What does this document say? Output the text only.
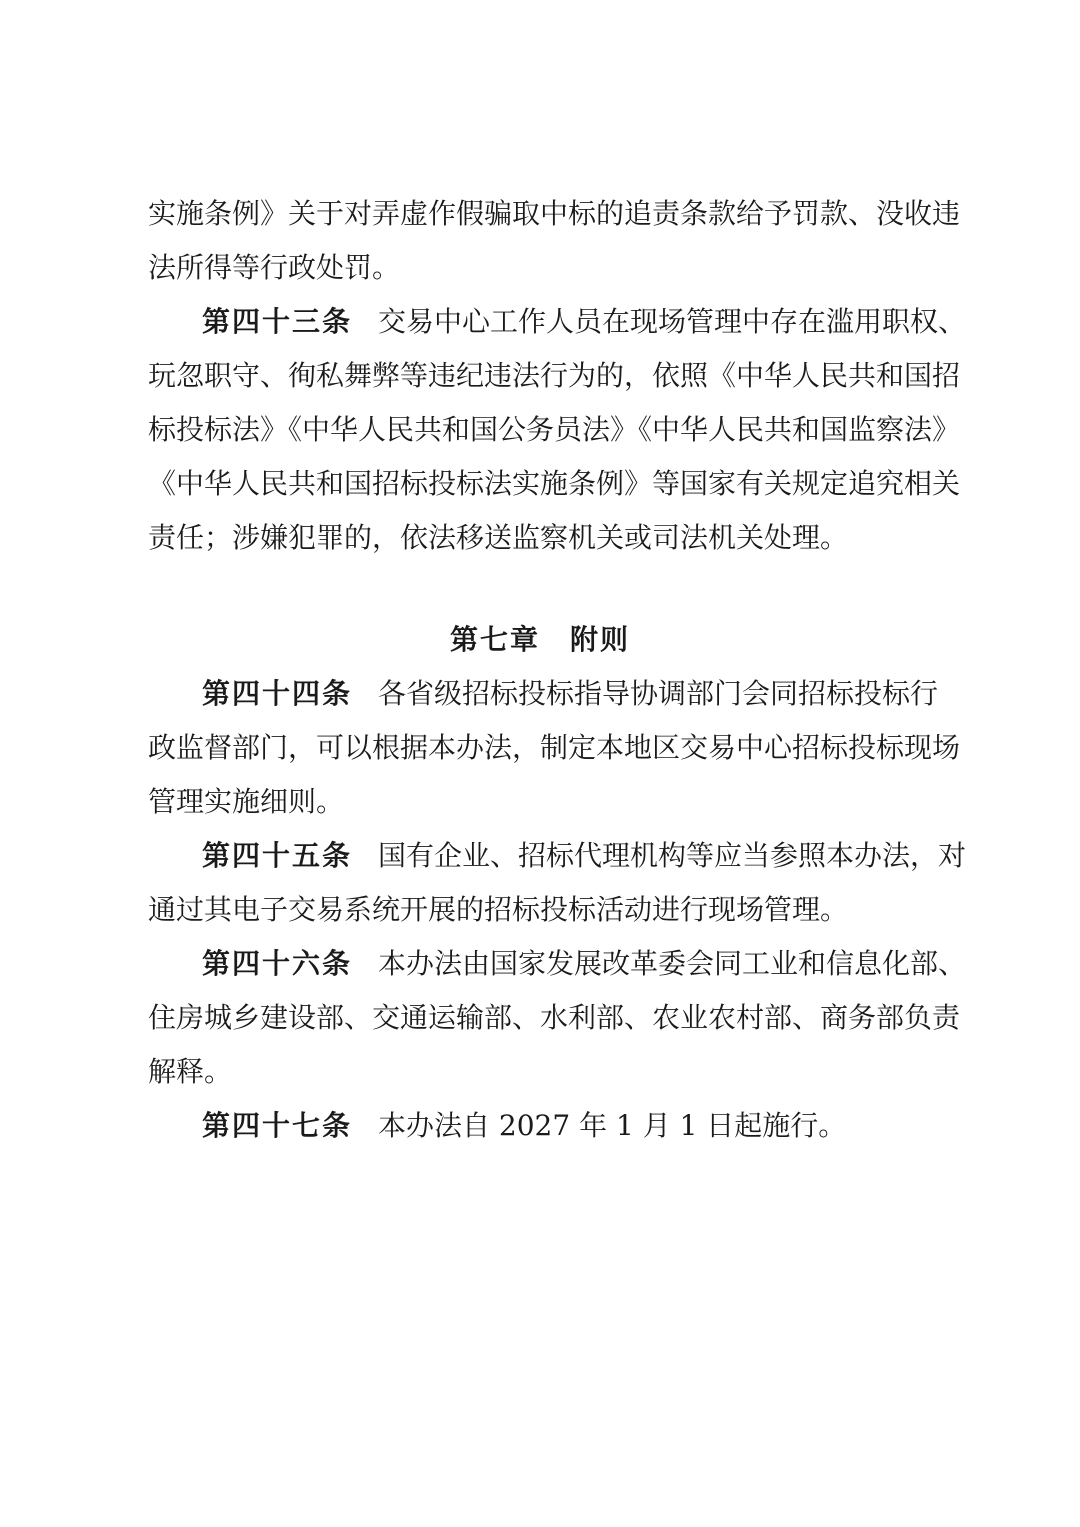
实施条例》关于对弄虚作假骗取中标的追责条款给予罚款、没收违
法所得等行政处罚。
第四十三条 交易中心工作人员在现场管理中存在滥用职权、
玩忽职守、徇私舞弊等违纪违法行为的，依照《中华人民共和国招
标投标法》《中华人民共和国公务员法》《中华人民共和国监察法》
《中华人民共和国招标投标法实施条例》等国家有关规定追究相关
责任；涉嫌犯罪的，依法移送监察机关或司法机关处理。
第七章 附则
第四十四条 各省级招标投标指导协调部门会同招标投标行
政监督部门，可以根据本办法，制定本地区交易中心招标投标现场
管理实施细则。
第四十五条 国有企业、招标代理机构等应当参照本办法，对
通过其电子交易系统开展的招标投标活动进行现场管理。
第四十六条 本办法由国家发展改革委会同工业和信息化部、
住房城乡建设部、交通运输部、水利部、农业农村部、商务部负责
解释。
第四十七条 本办法自 2027 年 1 月 1 日起施行。
